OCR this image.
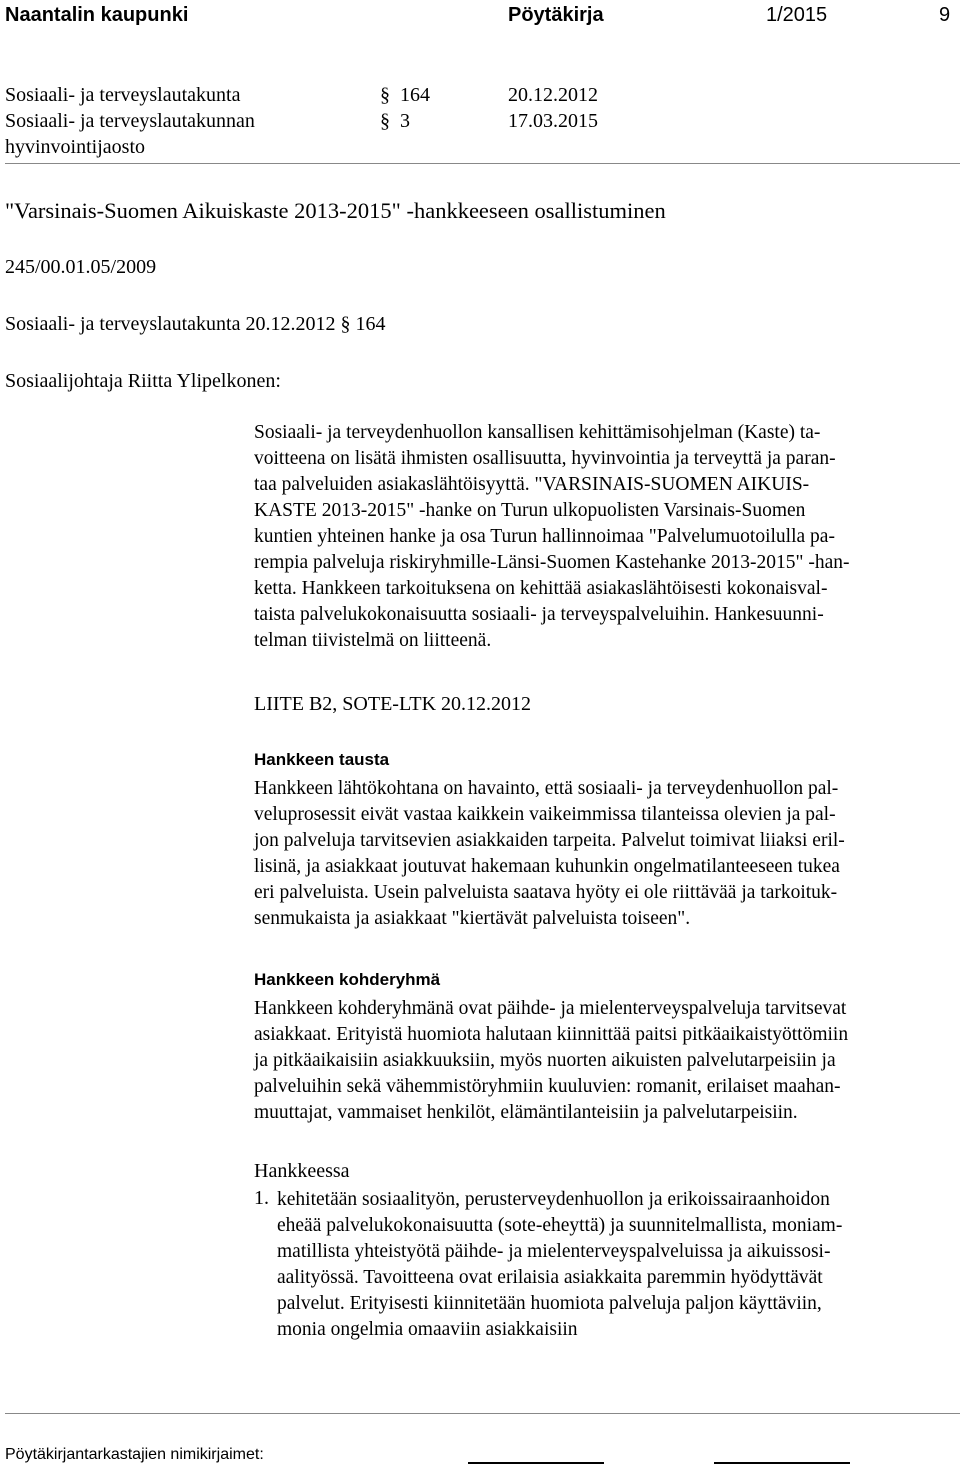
Naantalin kaupunki	Pöytäkirja	1/2015	9
Sosiaali- ja terveyslautakunta	§ 164	20.12.2012
Sosiaali- ja terveyslautakunnan	§ 3	17.03.2015
hyvinvointijaosto
"Varsinais-Suomen Aikuiskaste 2013-2015" -hankkeeseen osallistuminen
245/00.01.05/2009
Sosiaali- ja terveyslautakunta 20.12.2012 § 164
Sosiaalijohtaja Riitta Ylipelkonen:
Sosiaali- ja terveydenhuollon kansallisen kehittämisohjelman (Kaste) ta-
voitteena on lisätä ihmisten osallisuutta, hyvinvointia ja terveyttä ja paran-
taa palveluiden asiakaslähtöisyyttä. "VARSINAIS-SUOMEN AIKUIS-
KASTE 2013-2015" -hanke on Turun ulkopuolisten Varsinais-Suomen
kuntien yhteinen hanke ja osa Turun hallinnoimaa "Palvelumuotoilulla pa-
rempia palveluja riskiryhmille-Länsi-Suomen Kastehanke 2013-2015" -han-
ketta. Hankkeen tarkoituksena on kehittää asiakaslähtöisesti kokonaisval-
taista palvelukokonaisuutta sosiaali- ja terveyspalveluihin. Hankesuunni-
telman tiivistelmä on liitteenä.
LIITE B2, SOTE-LTK 20.12.2012
Hankkeen tausta
Hankkeen lähtökohtana on havainto, että sosiaali- ja terveydenhuollon pal-
veluprosessit eivät vastaa kaikkein vaikeimmissa tilanteissa olevien ja pal-
jon palveluja tarvitsevien asiakkaiden tarpeita. Palvelut toimivat liiaksi eril-
lisinä, ja asiakkaat joutuvat hakemaan kuhunkin ongelmatilanteeseen tukea
eri palveluista. Usein palveluista saatava hyöty ei ole riittävää ja tarkoituk-
senmukaista ja asiakkaat "kiertävät palveluista toiseen".
Hankkeen kohderyhmä
Hankkeen kohderyhmänä ovat päihde- ja mielenterveyspalveluja tarvitsevat
asiakkaat. Erityistä huomiota halutaan kiinnittää paitsi pitkäaikaistyöttömiin
ja pitkäaikaisiin asiakkuuksiin, myös nuorten aikuisten palvelutarpeisiin ja
palveluihin sekä vähemmistöryhmiin kuuluvien: romanit, erilaiset maahan-
muuttajat, vammaiset henkilöt, elämäntilanteisiin ja palvelutarpeisiin.
Hankkeessa
1. kehitetään sosiaalityön, perusterveydenhuollon ja erikoissairaanhoidon
eheää palvelukokonaisuutta (sote-eheyttä) ja suunnitelmallista, moniam-
matillista yhteistyötä päihde- ja mielenterveyspalveluissa ja aikuissosi-
aalityössä. Tavoitteena ovat erilaisia asiakkaita paremmin hyödyttävät
palvelut. Erityisesti kiinnitetään huomiota palveluja paljon käyttäviin,
monia ongelmia omaaviin asiakkaisiin
Pöytäkirjantarkastajien nimikirjaimet:
